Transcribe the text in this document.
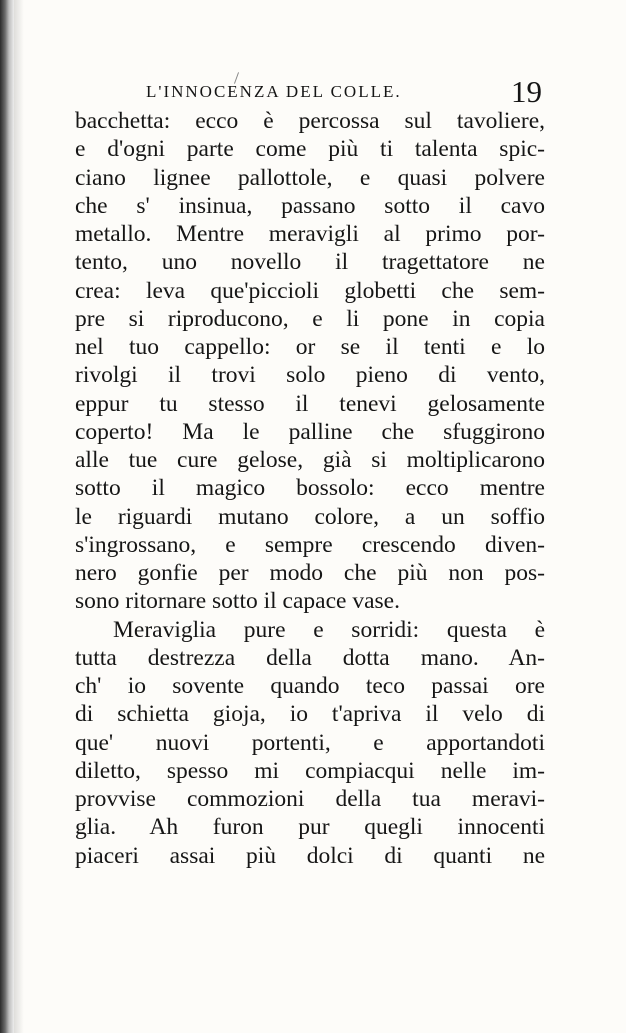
L'INNOCENZA DEL COLLE.	19
bacchetta: ecco è percossa sul tavoliere,
e d'ogni parte come più ti talenta spic-
ciano lignee pallottole, e quasi polvere
che s' insinua, passano sotto il cavo
metallo. Mentre meravigli al primo por-
tento, uno novello il tragettatore ne
crea: leva que'piccioli globetti che sem-
pre si riproducono, e li pone in copia
nel tuo cappello: or se il tenti e lo
rivolgi il trovi solo pieno di vento,
eppur tu stesso il tenevi gelosamente
coperto! Ma le palline che sfuggirono
alle tue cure gelose, già si moltiplicarono
sotto il magico bossolo: ecco mentre
le riguardi mutano colore, a un soffio
s'ingrossano, e sempre crescendo diven-
nero gonfie per modo che più non pos-
sono ritornare sotto il capace vase.
Meraviglia pure e sorridi: questa è
tutta destrezza della dotta mano. An-
ch' io sovente quando teco passai ore
di schietta gioja, io t'apriva il velo di
que' nuovi portenti, e apportandoti
diletto, spesso mi compiacqui nelle im-
provvise commozioni della tua meravi-
glia. Ah furon pur quegli innocenti
piaceri assai più dolci di quanti ne
